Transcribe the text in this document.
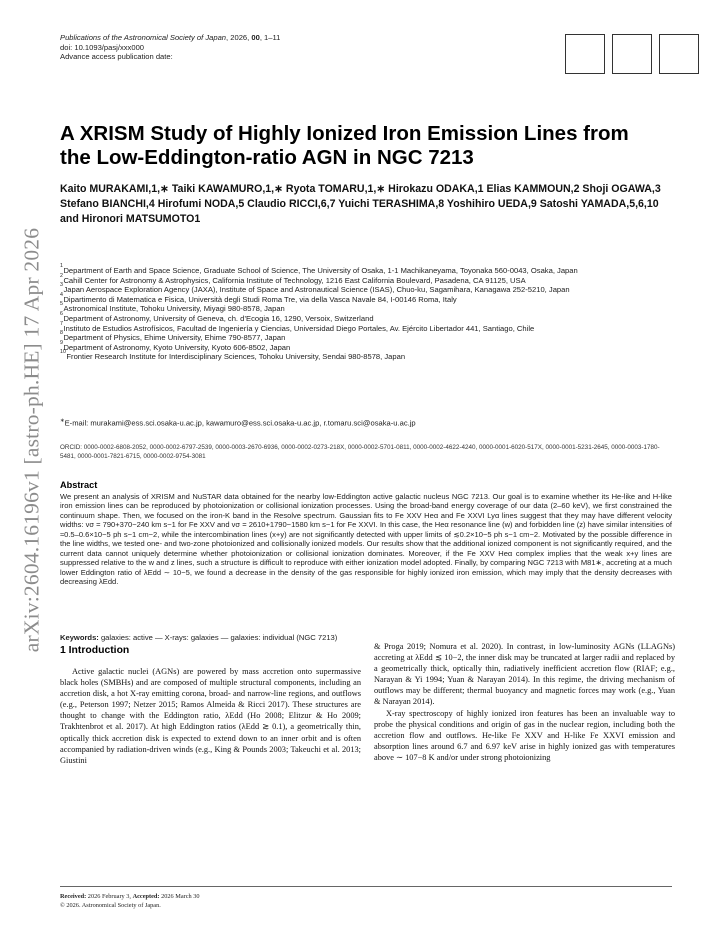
arXiv:2604.16196v1 [astro-ph.HE] 17 Apr 2026
Publications of the Astronomical Society of Japan, 2026, 00, 1–11
doi: 10.1093/pasj/xxx000
Advance access publication date:
A XRISM Study of Highly Ionized Iron Emission Lines from the Low-Eddington-ratio AGN in NGC 7213

Kaito MURAKAMI,1,∗ Taiki KAWAMURO,1,∗ Ryota TOMARU,1,∗ Hirokazu ODAKA,1 Elias KAMMOUN,2 Shoji OGAWA,3 Stefano BIANCHI,4 Hirofumi NODA,5 Claudio RICCI,6,7 Yuichi TERASHIMA,8 Yoshihiro UEDA,9 Satoshi YAMADA,5,6,10 and Hironori MATSUMOTO1

1 Department of Earth and Space Science, Graduate School of Science, The University of Osaka, 1-1 Machikaneyama, Toyonaka 560-0043, Osaka, Japan
2 Cahill Center for Astronomy & Astrophysics, California Institute of Technology, 1216 East California Boulevard, Pasadena, CA 91125, USA
3 Japan Aerospace Exploration Agency (JAXA), Institute of Space and Astronautical Science (ISAS), Chuo-ku, Sagamihara, Kanagawa 252-5210, Japan
4 Dipartimento di Matematica e Fisica, Università degli Studi Roma Tre, via della Vasca Navale 84, I-00146 Roma, Italy
5 Astronomical Institute, Tohoku University, Miyagi 980-8578, Japan
6 Department of Astronomy, University of Geneva, ch. d’Ecogia 16, 1290, Versoix, Switzerland
7 Instituto de Estudios Astrofísicos, Facultad de Ingeniería y Ciencias, Universidad Diego Portales, Av. Ejército Libertador 441, Santiago, Chile
8 Department of Physics, Ehime University, Ehime 790-8577, Japan
9 Department of Astronomy, Kyoto University, Kyoto 606-8502, Japan
10 Frontier Research Institute for Interdisciplinary Sciences, Tohoku University, Sendai 980-8578, Japan
∗E-mail: murakami@ess.sci.osaka-u.ac.jp, kawamuro@ess.sci.osaka-u.ac.jp, r.tomaru.sci@osaka-u.ac.jp
ORCID: 0000-0002-6808-2052, 0000-0002-6797-2539, 0000-0003-2670-6936, 0000-0002-0273-218X, 0000-0002-5701-0811, 0000-0002-4622-4240, 0000-0001-6020-517X, 0000-0001-5231-2645, 0000-0003-1780-5481, 0000-0001-7821-6715, 0000-0002-9754-3081
Abstract

We present an analysis of XRISM and NuSTAR data obtained for the nearby low-Eddington active galactic nucleus NGC 7213. Our goal is to examine whether its He-like and H-like iron emission lines can be reproduced by photoionization or collisional ionization processes. Using the broad-band energy coverage of our data (2–60 keV), we first constrained the continuum shape. Then, we focused on the iron-K band in the Resolve spectrum. Gaussian fits to Fe XXV Heα and Fe XXVI Lyα lines suggest that they may have different velocity widths: vσ = 790+370−240 km s−1 for Fe XXV and vσ = 2610+1790−1580 km s−1 for Fe XXVI. In this case, the Heα resonance line (w) and forbidden line (z) have similar intensities of ≈0.5–0.6×10−5 ph s−1 cm−2, while the intercombination lines (x+y) are not significantly detected with upper limits of ≲0.2×10−5 ph s−1 cm−2. Motivated by the possible difference in the line widths, we tested one- and two-zone photoionized and collisionally ionized models. Our results show that the additional ionized component is not significantly required, and the current data cannot uniquely determine whether photoionization or collisional ionization dominates. Moreover, if the Fe XXV Heα complex implies that the weak x+y lines are suppressed relative to the w and z lines, such a structure is difficult to reproduce with either ionization model adopted. Finally, by comparing NGC 7213 with M81∗, accreting at a much lower Eddington ratio of λEdd ∼ 10−5, we found a decrease in the density of the gas responsible for highly ionized iron emission, which may imply that the density decreases with decreasing λEdd.

Keywords: galaxies: active — X-rays: galaxies — galaxies: individual (NGC 7213)
1 Introduction

Active galactic nuclei (AGNs) are powered by mass accretion onto supermassive black holes (SMBHs) and are composed of multiple structural components, including an accretion disk, a hot X-ray emitting corona, broad- and narrow-line regions, and outflows (e.g., Peterson 1997; Netzer 2015; Ramos Almeida & Ricci 2017). These structures are thought to change with the Eddington ratio, λEdd (Ho 2008; Elitzur & Ho 2009; Trakhtenbrot et al. 2017). At high Eddington ratios (λEdd ≳ 0.1), a geometrically thin, optically thick accretion disk is expected to extend down to an inner orbit and is often accompanied by radiation-driven winds (e.g., King & Pounds 2003; Takeuchi et al. 2013; Giustini

& Proga 2019; Nomura et al. 2020). In contrast, in low-luminosity AGNs (LLAGNs) accreting at λEdd ≲ 10−2, the inner disk may be truncated at larger radii and replaced by a geometrically thick, optically thin, radiatively inefficient accretion flow (RIAF; e.g., Narayan & Yi 1994; Yuan & Narayan 2014). In this regime, the driving mechanism of outflows may be different; thermal buoyancy and magnetic forces may work (e.g., Yuan & Narayan 2014).

X-ray spectroscopy of highly ionized iron features has been an invaluable way to probe the physical conditions and origin of gas in the nuclear region, including both the accretion flow and outflows. He-like Fe XXV and H-like Fe XXVI emission and absorption lines around 6.7 and 6.97 keV arise in highly ionized gas with temperatures above ∼ 107−8 K and/or under strong photoionizing

Received: 2026 February 3, Accepted: 2026 March 30
© 2026. Astronomical Society of Japan.
